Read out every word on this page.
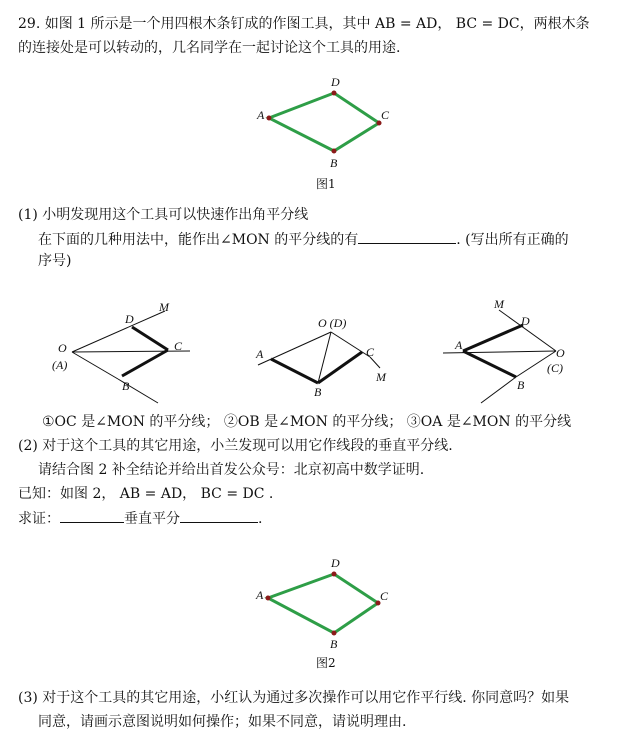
29. 如图 1 所示是一个用四根木条钉成的作图工具，其中 AB = AD， BC = DC，两根木条
的连接处是可以转动的，几名同学在一起讨论这个工具的用途.
A
D
C
B
图1
M
D
O
(A)
C
B
O (D)
A	C
B
M
M
D
A
O
(C)
B
A
D
C
B
图2
(1) 小明发现用这个工具可以快速作出角平分线
在下面的几种用法中，能作出∠MON 的平分线的有	. (写出所有正确的
序号)
①OC 是∠MON 的平分线； ②OB 是∠MON 的平分线； ③OA 是∠MON 的平分线
(2) 对于这个工具的其它用途，小兰发现可以用它作线段的垂直平分线.
请结合图 2 补全结论并给出首发公众号：北京初高中数学证明.
已知：如图 2， AB = AD， BC = DC .
求证：	垂直平分	.
(3) 对于这个工具的其它用途，小红认为通过多次操作可以用它作平行线. 你同意吗？如果
同意，请画示意图说明如何操作；如果不同意，请说明理由.
